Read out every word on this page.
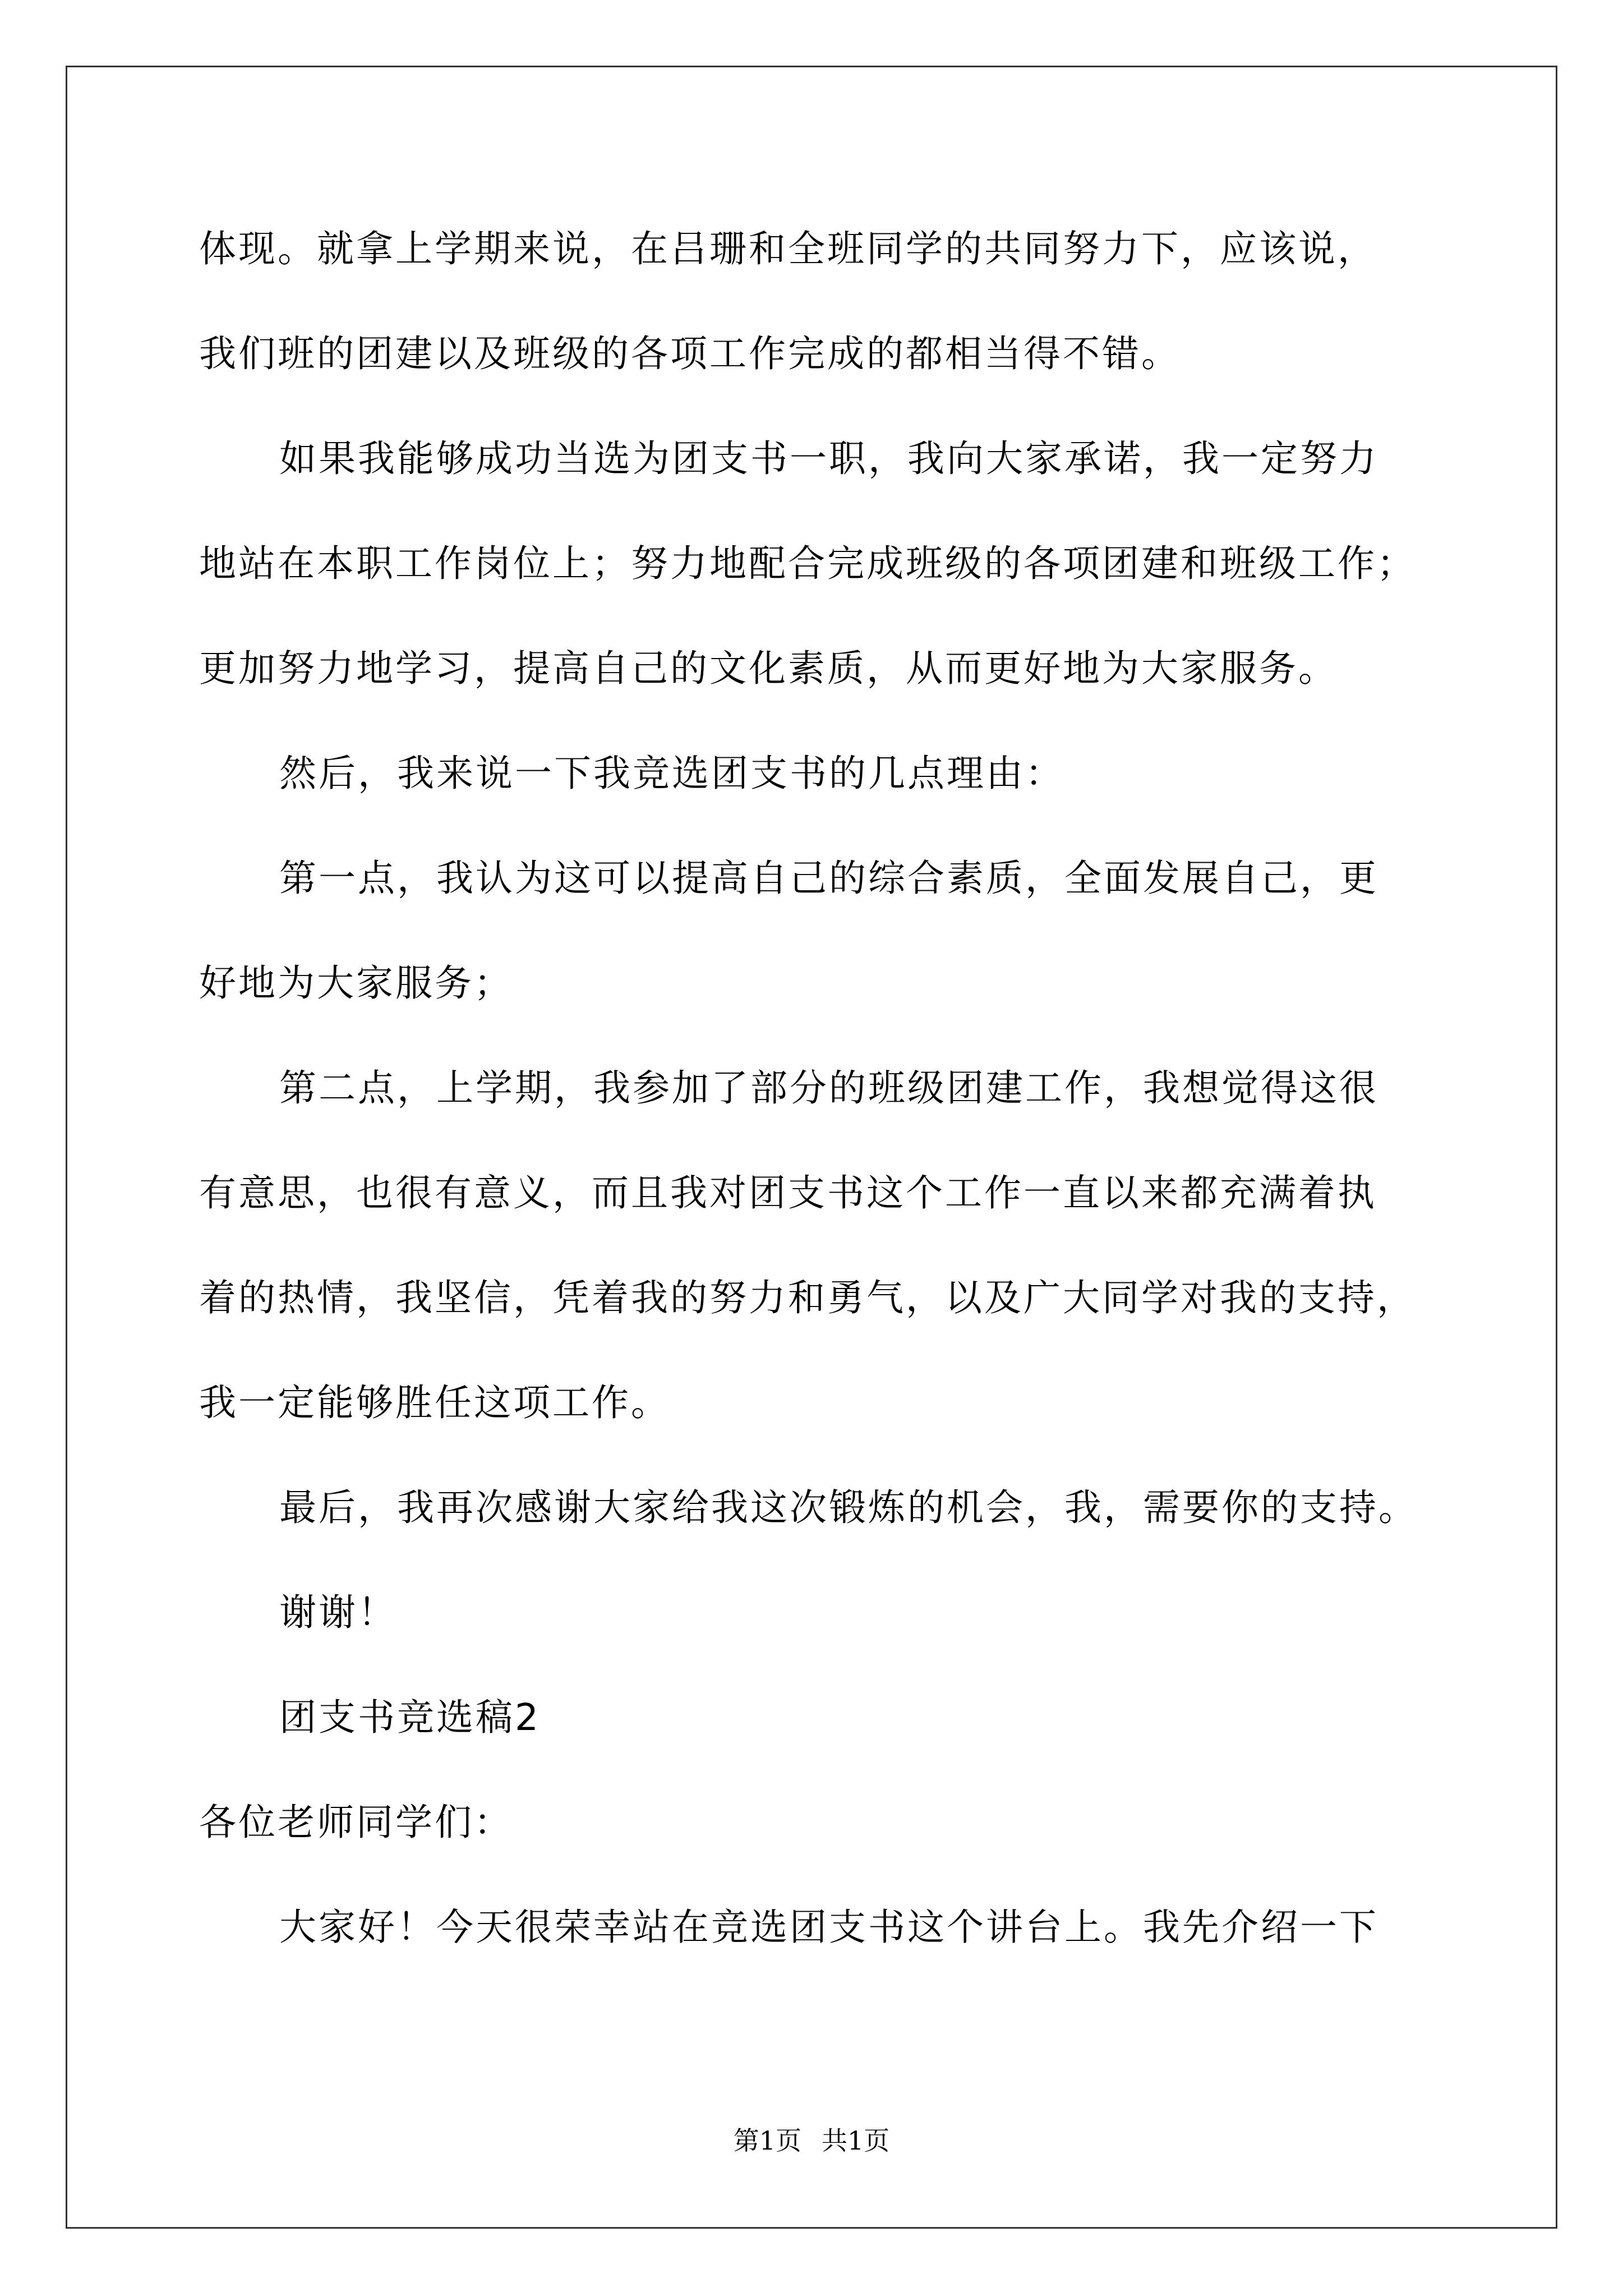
体现。就拿上学期来说，在吕珊和全班同学的共同努力下，应该说，
我们班的团建以及班级的各项工作完成的都相当得不错。
如果我能够成功当选为团支书一职，我向大家承诺，我一定努力
地站在本职工作岗位上；努力地配合完成班级的各项团建和班级工作；
更加努力地学习，提高自己的文化素质，从而更好地为大家服务。
然后，我来说一下我竞选团支书的几点理由：
第一点，我认为这可以提高自己的综合素质，全面发展自己，更
好地为大家服务；
第二点，上学期，我参加了部分的班级团建工作，我想觉得这很
有意思，也很有意义，而且我对团支书这个工作一直以来都充满着执
着的热情，我坚信，凭着我的努力和勇气，以及广大同学对我的支持，
我一定能够胜任这项工作。
最后，我再次感谢大家给我这次锻炼的机会，我，需要你的支持。
谢谢！
团支书竞选稿2
各位老师同学们：
大家好！今天很荣幸站在竞选团支书这个讲台上。我先介绍一下
第1页 共1页
